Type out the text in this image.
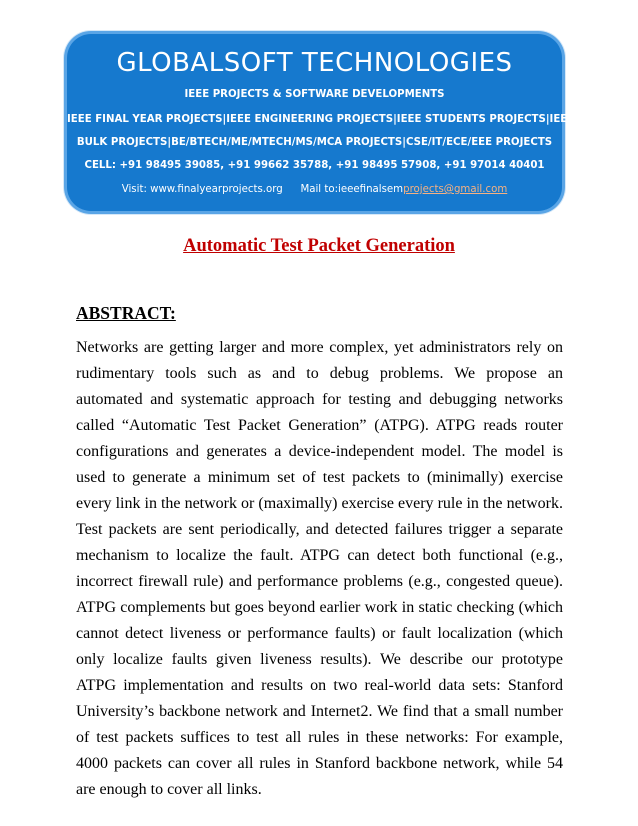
GLOBALSOFT TECHNOLOGIES
IEEE PROJECTS & SOFTWARE DEVELOPMENTS
IEEE FINAL YEAR PROJECTS|IEEE ENGINEERING PROJECTS|IEEE STUDENTS PROJECTS|IEEE
BULK PROJECTS|BE/BTECH/ME/MTECH/MS/MCA PROJECTS|CSE/IT/ECE/EEE PROJECTS
CELL: +91 98495 39085, +91 99662 35788, +91 98495 57908, +91 97014 40401
Visit: www.finalyearprojects.org Mail to:ieeefinalsemprojects@gmail.com
Automatic Test Packet Generation
ABSTRACT:

Networks are getting larger and more complex, yet administrators rely on rudimentary tools such as and to debug problems. We propose an automated and systematic approach for testing and debugging networks called “Automatic Test Packet Generation” (ATPG). ATPG reads router configurations and generates a device-independent model. The model is used to generate a minimum set of test packets to (minimally) exercise every link in the network or (maximally) exercise every rule in the network. Test packets are sent periodically, and detected failures trigger a separate mechanism to localize the fault. ATPG can detect both functional (e.g., incorrect firewall rule) and performance problems (e.g., congested queue). ATPG complements but goes beyond earlier work in static checking (which cannot detect liveness or performance faults) or fault localization (which only localize faults given liveness results). We describe our prototype ATPG implementation and results on two real-world data sets: Stanford University’s backbone network and Internet2. We find that a small number of test packets suffices to test all rules in these networks: For example, 4000 packets can cover all rules in Stanford backbone network, while 54 are enough to cover all links.
